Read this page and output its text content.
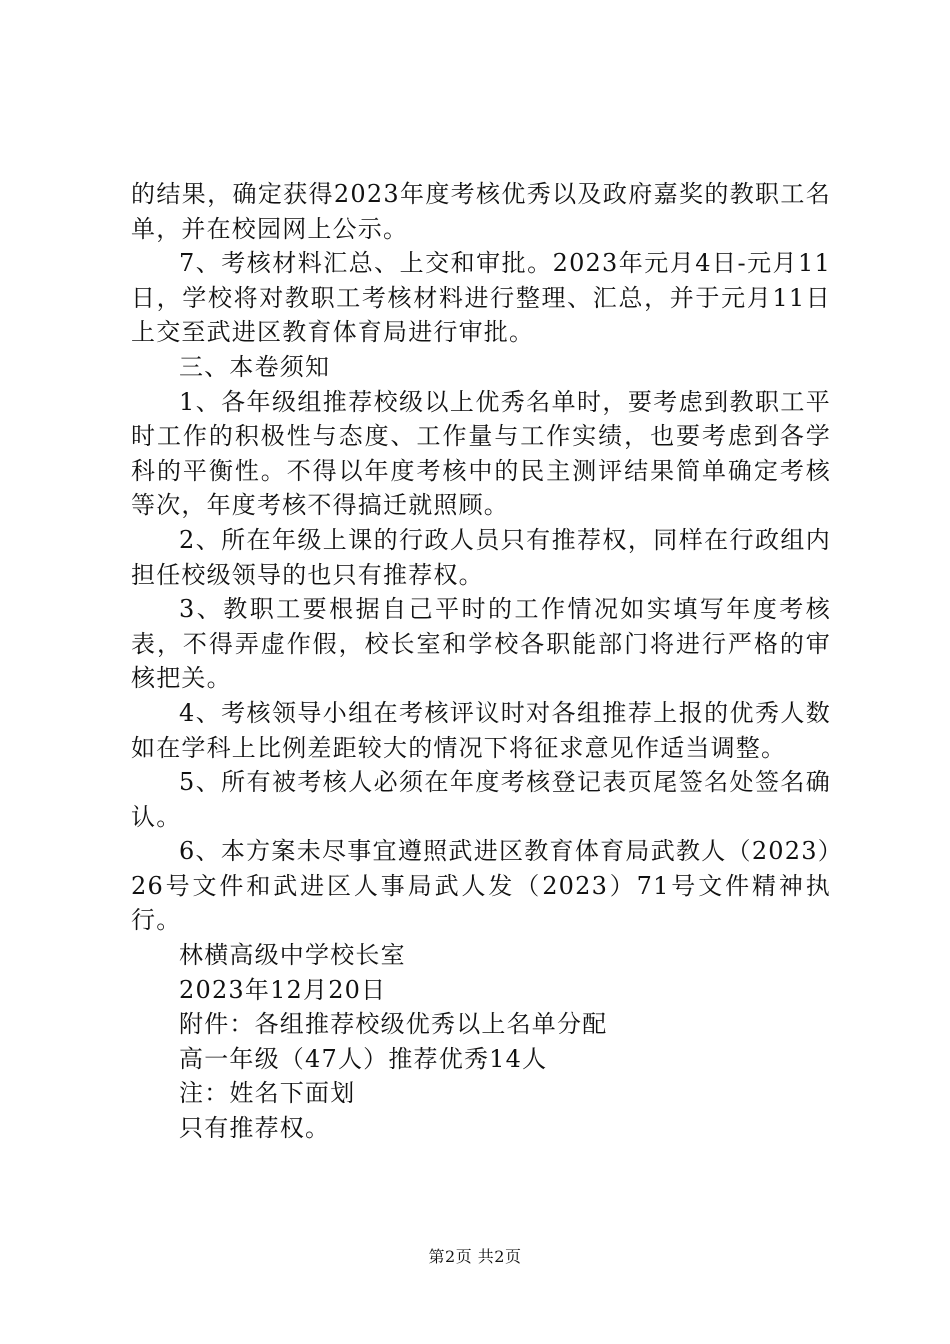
的结果，确定获得2023年度考核优秀以及政府嘉奖的教职工名单，并在校园网上公示。

7、考核材料汇总、上交和审批。2023年元月4日-元月11日，学校将对教职工考核材料进行整理、汇总，并于元月11日上交至武进区教育体育局进行审批。

三、本卷须知

1、各年级组推荐校级以上优秀名单时，要考虑到教职工平时工作的积极性与态度、工作量与工作实绩，也要考虑到各学科的平衡性。不得以年度考核中的民主测评结果简单确定考核等次，年度考核不得搞迁就照顾。

2、所在年级上课的行政人员只有推荐权，同样在行政组内担任校级领导的也只有推荐权。

3、教职工要根据自己平时的工作情况如实填写年度考核表，不得弄虚作假，校长室和学校各职能部门将进行严格的审核把关。

4、考核领导小组在考核评议时对各组推荐上报的优秀人数如在学科上比例差距较大的情况下将征求意见作适当调整。

5、所有被考核人必须在年度考核登记表页尾签名处签名确认。

6、本方案未尽事宜遵照武进区教育体育局武教人（2023）26号文件和武进区人事局武人发（2023）71号文件精神执行。

林横高级中学校长室

2023年12月20日

附件：各组推荐校级优秀以上名单分配

高一年级（47人）推荐优秀14人

注：姓名下面划

只有推荐权。

第2页 共2页
